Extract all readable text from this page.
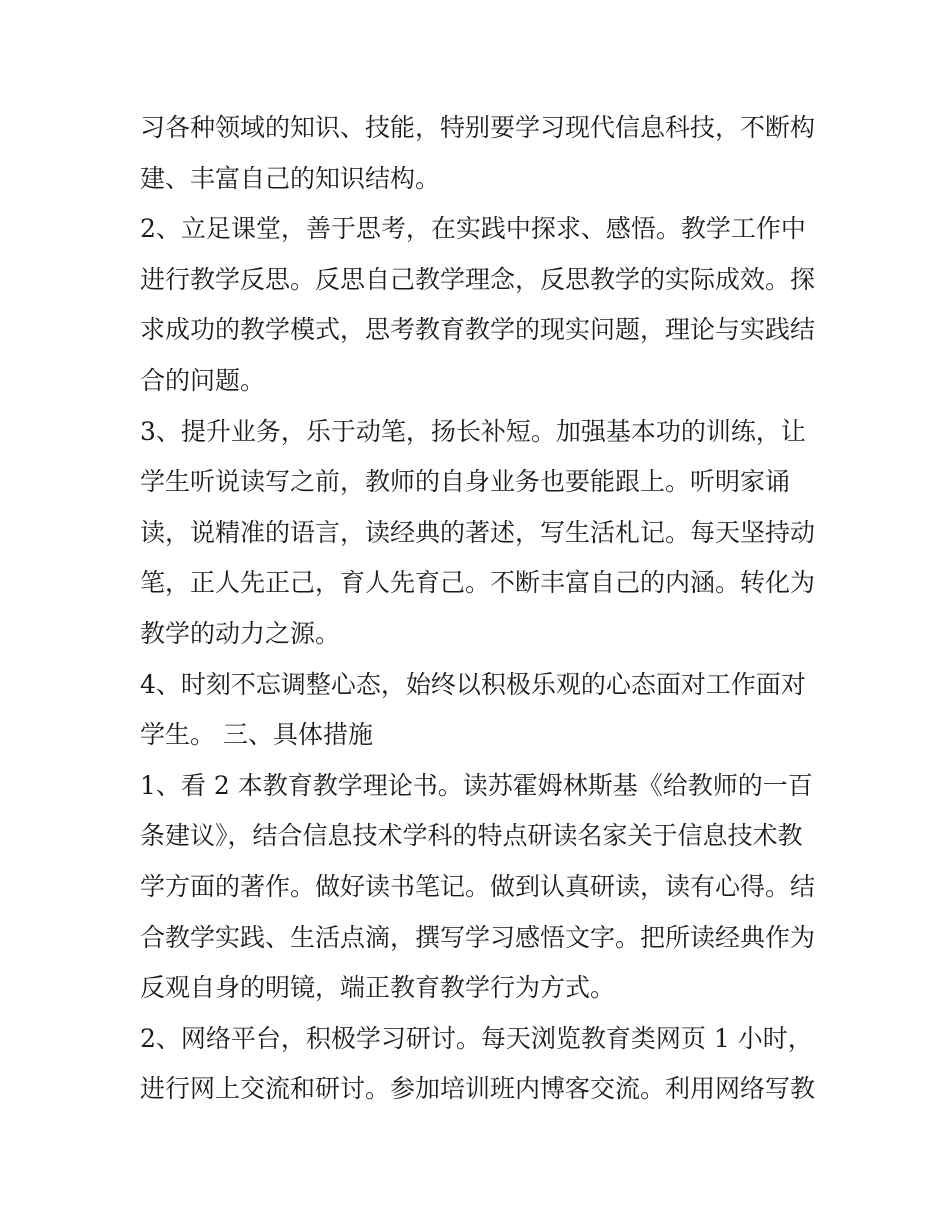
习各种领域的知识、技能，特别要学习现代信息科技，不断构
建、丰富自己的知识结构。
2、立足课堂，善于思考，在实践中探求、感悟。教学工作中
进行教学反思。反思自己教学理念，反思教学的实际成效。探
求成功的教学模式，思考教育教学的现实问题，理论与实践结
合的问题。
3、提升业务，乐于动笔，扬长补短。加强基本功的训练，让
学生听说读写之前，教师的自身业务也要能跟上。听明家诵
读，说精准的语言，读经典的著述，写生活札记。每天坚持动
笔，正人先正己，育人先育己。不断丰富自己的内涵。转化为
教学的动力之源。
4、时刻不忘调整心态，始终以积极乐观的心态面对工作面对
学生。 三、具体措施
1、看 2 本教育教学理论书。读苏霍姆林斯基《给教师的一百
条建议》，结合信息技术学科的特点研读名家关于信息技术教
学方面的著作。做好读书笔记。做到认真研读，读有心得。结
合教学实践、生活点滴，撰写学习感悟文字。把所读经典作为
反观自身的明镜，端正教育教学行为方式。
2、网络平台，积极学习研讨。每天浏览教育类网页 1 小时，
进行网上交流和研讨。参加培训班内博客交流。利用网络写教
